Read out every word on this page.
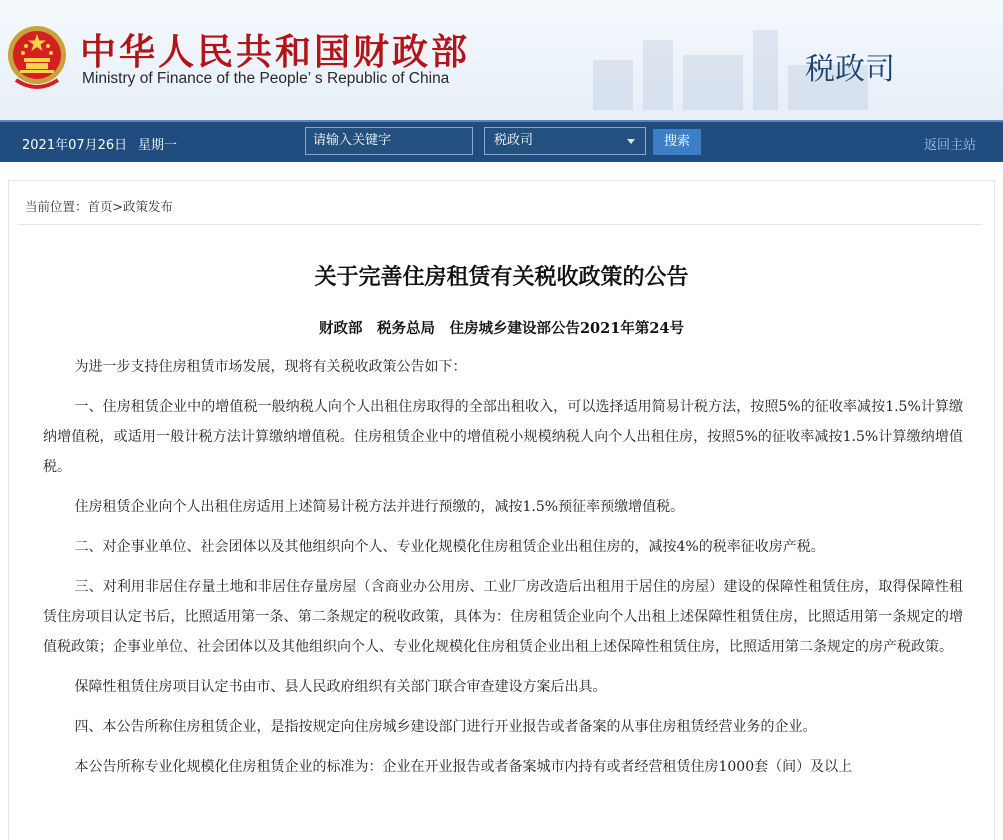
中华人民共和国财政部
Ministry of Finance of the People’ s Republic of China	税政司
2021年07月26日 星期一	请输入关键字	税政司	搜索	返回主站
当前位置：首页>政策发布
关于完善住房租赁有关税收政策的公告
财政部　税务总局　住房城乡建设部公告2021年第24号

为进一步支持住房租赁市场发展，现将有关税收政策公告如下：

一、住房租赁企业中的增值税一般纳税人向个人出租住房取得的全部出租收入，可以选择适用简易计税方法，按照5%的征收率减按1.5%计算缴纳增值税，或适用一般计税方法计算缴纳增值税。住房租赁企业中的增值税小规模纳税人向个人出租住房，按照5%的征收率减按1.5%计算缴纳增值税。

住房租赁企业向个人出租住房适用上述简易计税方法并进行预缴的，减按1.5%预征率预缴增值税。

二、对企事业单位、社会团体以及其他组织向个人、专业化规模化住房租赁企业出租住房的，减按4%的税率征收房产税。

三、对利用非居住存量土地和非居住存量房屋（含商业办公用房、工业厂房改造后出租用于居住的房屋）建设的保障性租赁住房，取得保障性租赁住房项目认定书后，比照适用第一条、第二条规定的税收政策，具体为：住房租赁企业向个人出租上述保障性租赁住房，比照适用第一条规定的增值税政策；企事业单位、社会团体以及其他组织向个人、专业化规模化住房租赁企业出租上述保障性租赁住房，比照适用第二条规定的房产税政策。

保障性租赁住房项目认定书由市、县人民政府组织有关部门联合审查建设方案后出具。

四、本公告所称住房租赁企业，是指按规定向住房城乡建设部门进行开业报告或者备案的从事住房租赁经营业务的企业。

本公告所称专业化规模化住房租赁企业的标准为：企业在开业报告或者备案城市内持有或者经营租赁住房1000套（间）及以上
